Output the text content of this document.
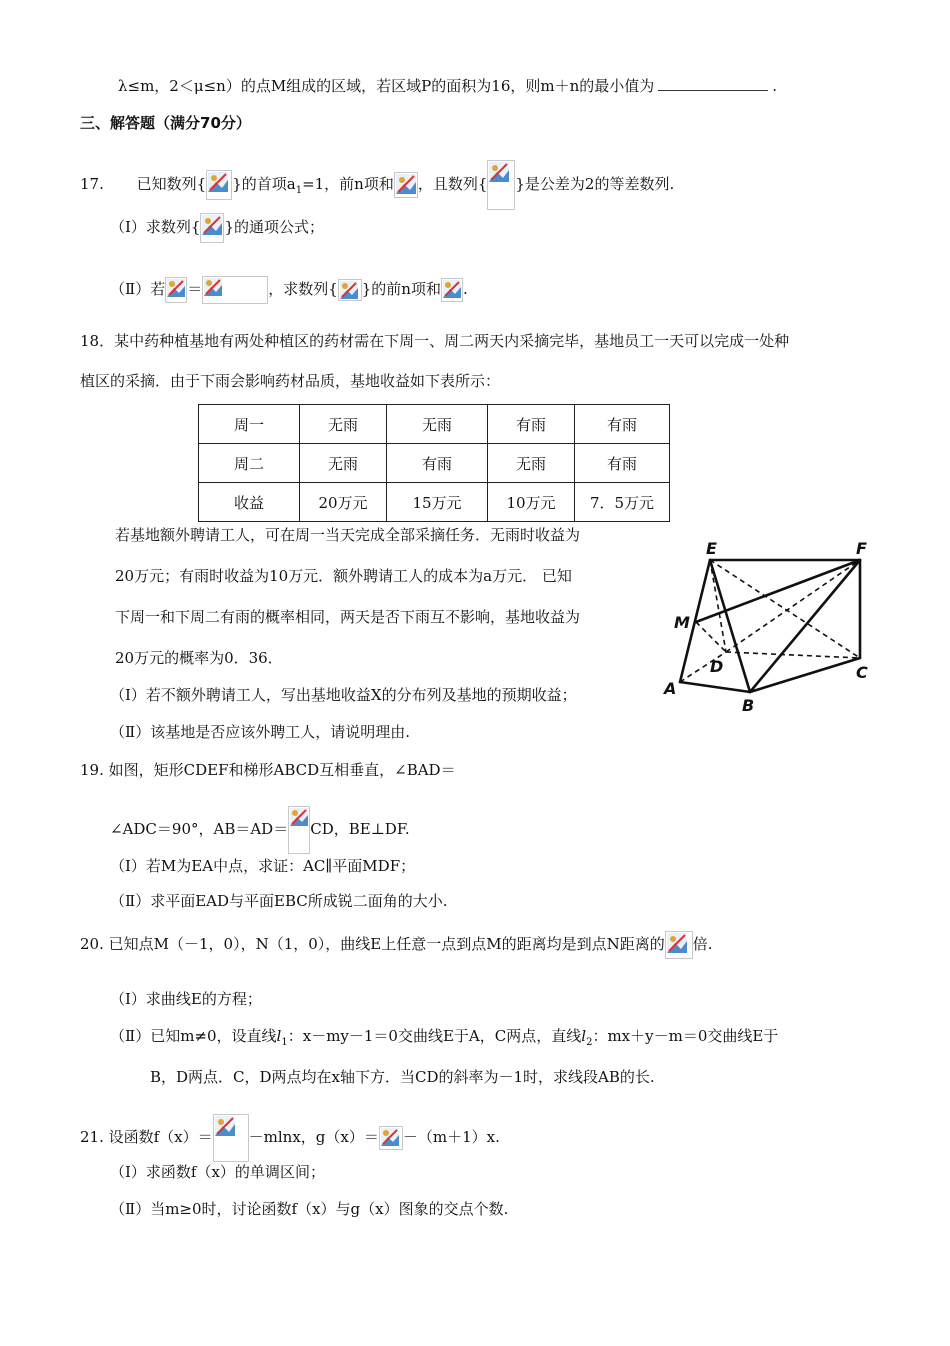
λ≤m，2＜μ≤n）的点M组成的区域，若区域P的面积为16，则m＋n的最小值为	.
三、解答题（满分70分）
17. 已知数列{ }的首项$a_1=1$，前n项和 ，且数列{ }是公差为2的等差数列.
（Ⅰ）求数列{ }的通项公式；
（Ⅱ）若 ＝	，求数列{ }的前n项和 .
18．某中药种植基地有两处种植区的药材需在下周一、周二两天内采摘完毕，基地员工一天可以完成一处种
植区的采摘．由于下雨会影响药材品质，基地收益如下表所示：
周一	无雨	无雨	有雨	有雨
周二	无雨	有雨	无雨	有雨
收益	20万元	15万元	10万元	7．5万元
若基地额外聘请工人，可在周一当天完成全部采摘任务．无雨时收益为
20万元；有雨时收益为10万元．额外聘请工人的成本为a万元． 已知
下周一和下周二有雨的概率相同，两天是否下雨互不影响，基地收益为
20万元的概率为0．36．
（Ⅰ）若不额外聘请工人，写出基地收益X的分布列及基地的预期收益；
（Ⅱ）该基地是否应该外聘工人，请说明理由.
E	F
M
D	C
A
B
19. 如图，矩形CDEF和梯形ABCD互相垂直，∠BAD＝
∠ADC＝90°，AB＝AD＝ CD，BE⊥DF.
（Ⅰ）若M为EA中点，求证：AC∥平面MDF；
（Ⅱ）求平面EAD与平面EBC所成锐二面角的大小.
20. 已知点M（－1，0），N（1，0），曲线E上任意一点到点M的距离均是到点N距离的 倍.
（Ⅰ）求曲线E的方程；
（Ⅱ）已知m≠0，设直线$l_1$：x－my－1＝0交曲线E于A，C两点，直线$l_2$：mx＋y－m＝0交曲线E于
B，D两点．C，D两点均在x轴下方．当CD的斜率为－1时，求线段AB的长.
21. 设函数f（x）＝ －mlnx，g（x）＝ －（m＋1）x.
（Ⅰ）求函数f（x）的单调区间；
（Ⅱ）当m≥0时，讨论函数f（x）与g（x）图象的交点个数.
